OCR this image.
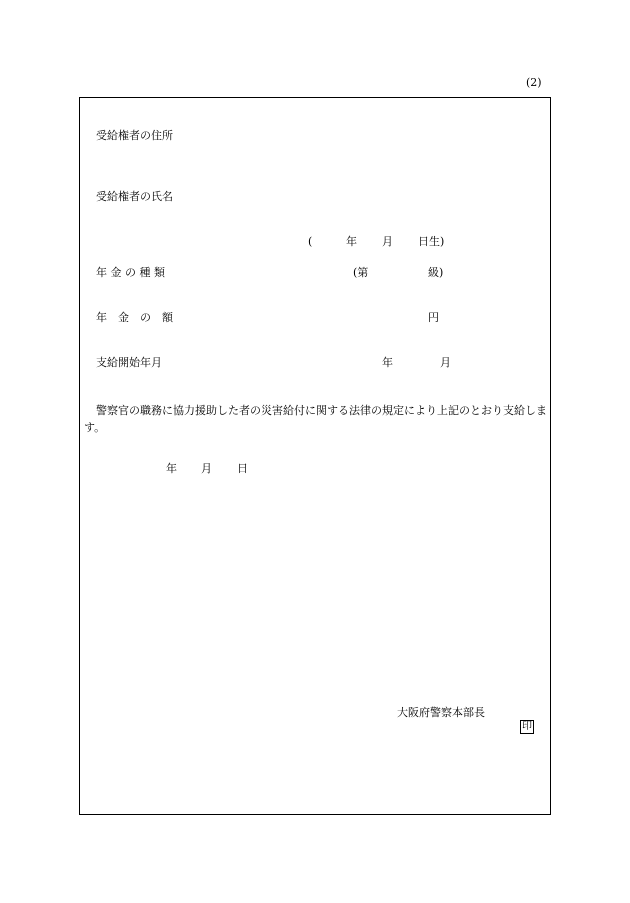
(2)
受給権者の住所
受給権者の氏名
(	年 月 日生)
年 金 の 種 類	(第	級)
年　金　の　額	円
支給開始年月	年	月
警察官の職務に協力援助した者の災害給付に関する法律の規定により上記のとおり支給します。
年 月 日
大阪府警察本部長
印
